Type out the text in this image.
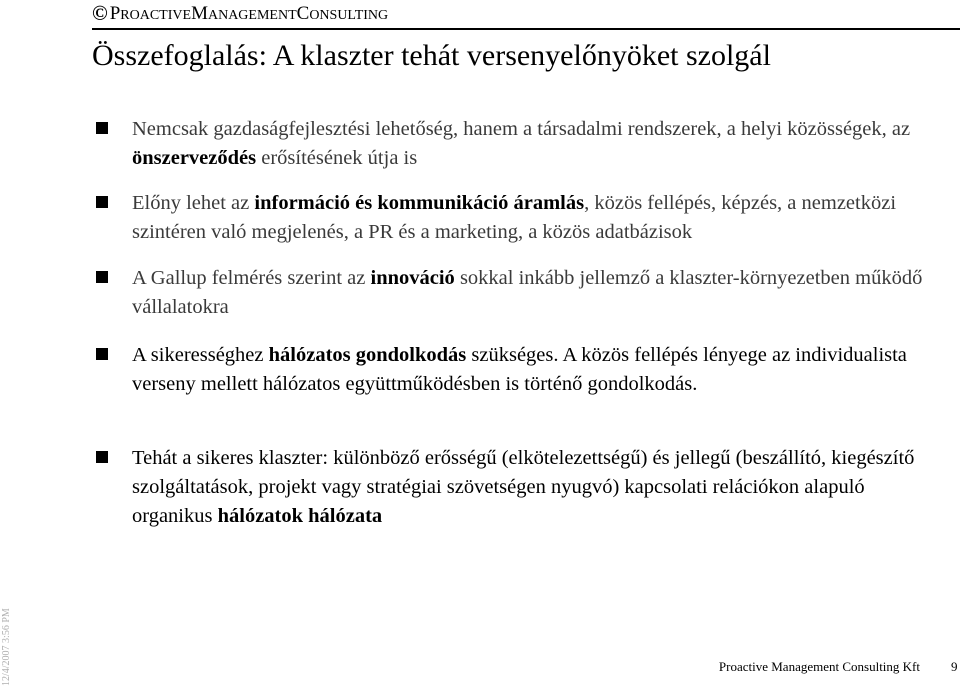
© PROACTIVE MANAGEMENT CONSULTING
Összefoglalás: A klaszter tehát versenyelőnyöket szolgál
Nemcsak gazdaságfejlesztési lehetőség, hanem a társadalmi rendszerek, a helyi közösségek, az önszerveződés erősítésének útja is
Előny lehet az információ és kommunikáció áramlás, közös fellépés, képzés, a nemzetközi szintéren való megjelenés, a PR és a marketing, a közös adatbázisok
A Gallup felmérés szerint az innováció sokkal inkább jellemző a klaszter-környezetben működő vállalatokra
A sikerességhez hálózatos gondolkodás szükséges. A közös fellépés lényege az individualista verseny mellett hálózatos együttműködésben is történő gondolkodás.
Tehát a sikeres klaszter: különböző erősségű (elkötelezettségű) és jellegű (beszállító, kiegészítő szolgáltatások, projekt vagy stratégiai szövetségen nyugvó) kapcsolati relációkon alapuló organikus hálózatok hálózata
12/4/2007 3:56 PM	Proactive Management Consulting Kft 9
